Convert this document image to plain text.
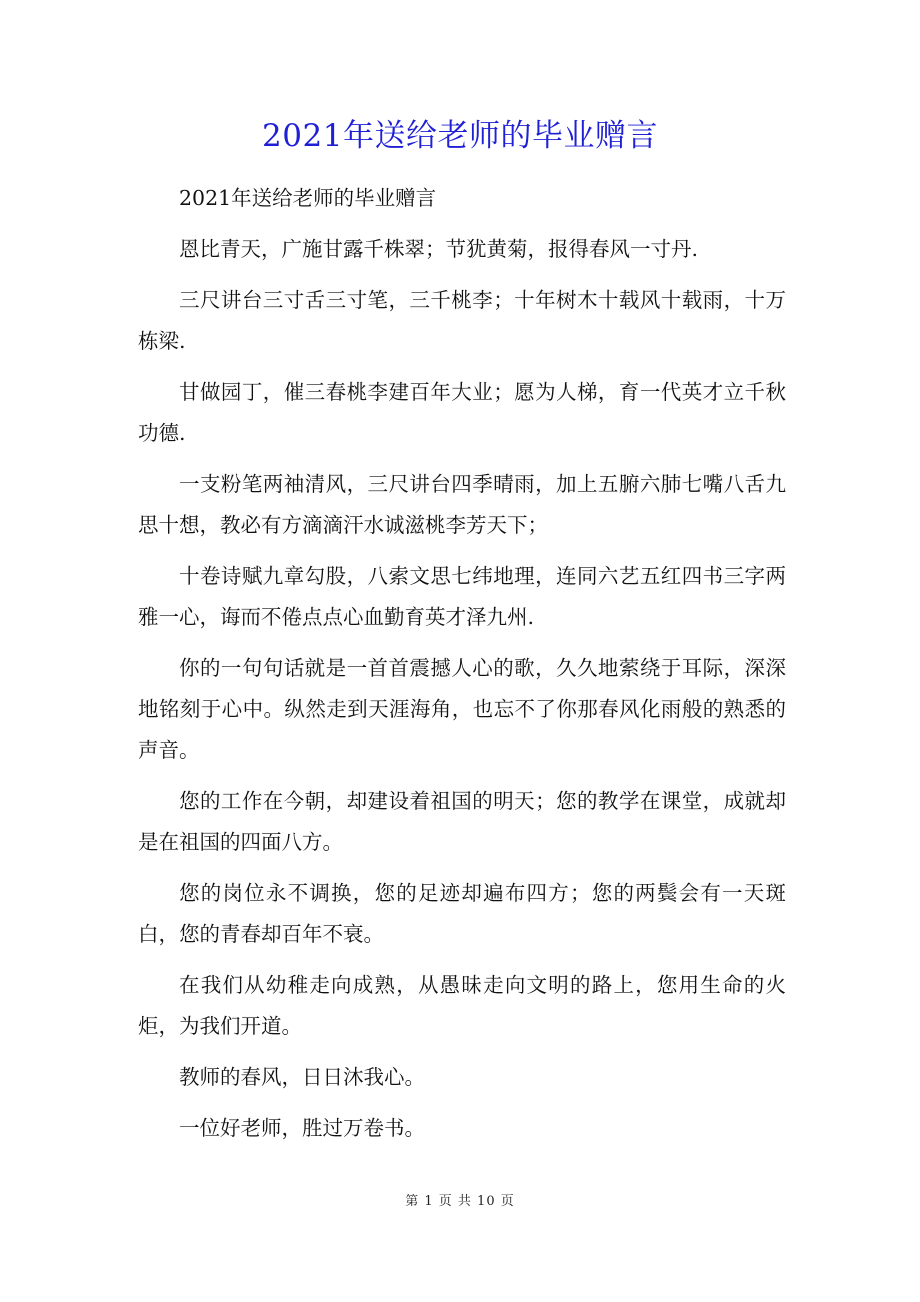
2021年送给老师的毕业赠言

2021年送给老师的毕业赠言

恩比青天，广施甘露千株翠；节犹黄菊，报得春风一寸丹.

三尺讲台三寸舌三寸笔，三千桃李；十年树木十载风十载雨，十万栋梁.

甘做园丁，催三春桃李建百年大业；愿为人梯，育一代英才立千秋功德.

一支粉笔两袖清风，三尺讲台四季晴雨，加上五腑六肺七嘴八舌九思十想，教必有方滴滴汗水诚滋桃李芳天下；

十卷诗赋九章勾股，八索文思七纬地理，连同六艺五红四书三字两雅一心，诲而不倦点点心血勤育英才泽九州.

你的一句句话就是一首首震撼人心的歌，久久地萦绕于耳际，深深地铭刻于心中。纵然走到天涯海角，也忘不了你那春风化雨般的熟悉的声音。

您的工作在今朝，却建设着祖国的明天；您的教学在课堂，成就却是在祖国的四面八方。

您的岗位永不调换，您的足迹却遍布四方；您的两鬓会有一天斑白，您的青春却百年不衰。

在我们从幼稚走向成熟，从愚昧走向文明的路上，您用生命的火炬，为我们开道。

教师的春风，日日沐我心。

一位好老师，胜过万卷书。

第 1 页 共 10 页
